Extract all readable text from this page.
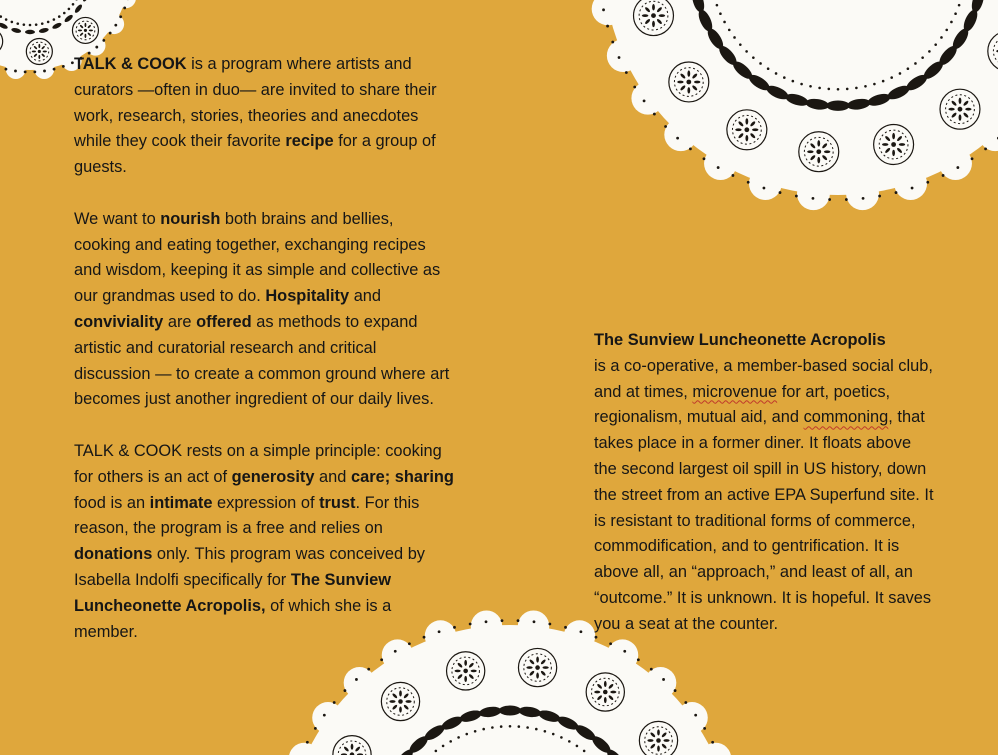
TALK & COOK is a program where artists and curators —often in duo— are invited to share their work, research, stories, theories and anecdotes while they cook their favorite recipe for a group of guests.

We want to nourish both brains and bellies, cooking and eating together, exchanging recipes and wisdom, keeping it as simple and collective as our grandmas used to do. Hospitality and conviviality are offered as methods to expand artistic and curatorial research and critical discussion — to create a common ground where art becomes just another ingredient of our daily lives.

TALK & COOK rests on a simple principle: cooking for others is an act of generosity and care; sharing food is an intimate expression of trust. For this reason, the program is a free and relies on donations only. This program was conceived by Isabella Indolfi specifically for The Sunview Luncheonette Acropolis, of which she is a member.

The Sunview Luncheonette Acropolis
is a co-operative, a member-based social club, and at times, microvenue for art, poetics, regionalism, mutual aid, and commoning, that takes place in a former diner. It floats above the second largest oil spill in US history, down the street from an active EPA Superfund site. It is resistant to traditional forms of commerce, commodification, and to gentrification. It is above all, an “approach,” and least of all, an “outcome.” It is unknown. It is hopeful. It saves you a seat at the counter.
